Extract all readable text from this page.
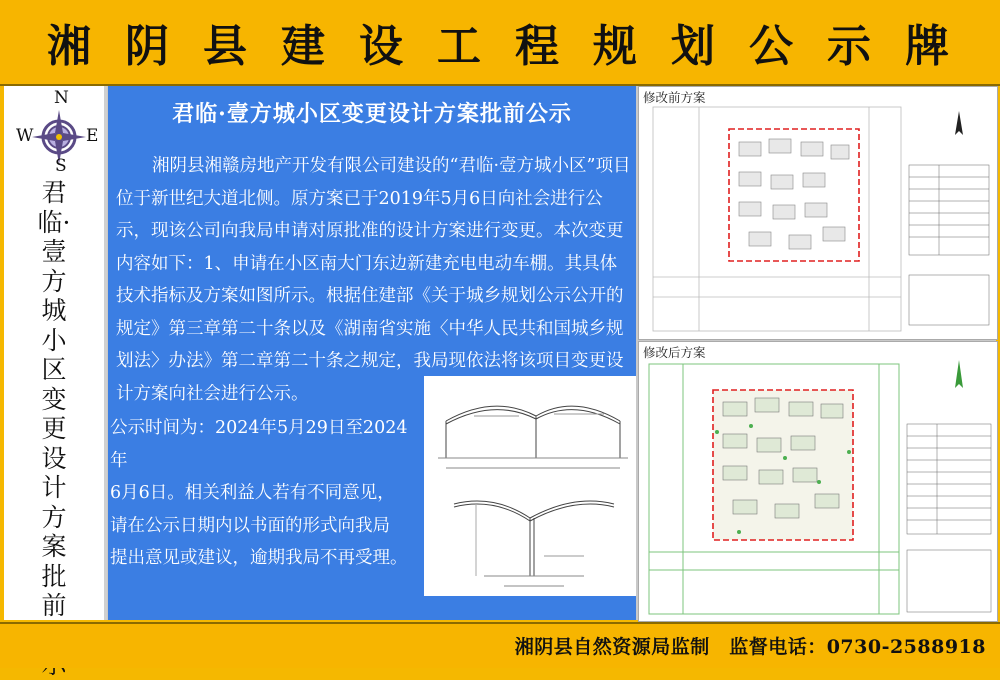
湘阴县建设工程规划公示牌
N
S
W	E
君临·壹方城小区变更设计方案批前
君临·壹方城小区变更设计方案批前公示

湘阴县湘赣房地产开发有限公司建设的“君临·壹方城小区”项目位于新世纪大道北侧。原方案已于2019年5月6日向社会进行公示，现该公司向我局申请对原批准的设计方案进行变更。本次变更内容如下：1、申请在小区南大门东边新建充电电动车棚。其具体技术指标及方案如图所示。根据住建部《关于城乡规划公示公开的规定》第三章第二十条以及《湖南省实施〈中华人民共和国城乡规划法〉办法》第二章第二十条之规定，我局现依法将该项目变更设计方案向社会进行公示。

公示时间为：2024年5月29日至2024年

6月6日。相关利益人若有不同意见，

请在公示日期内以书面的形式向我局

提出意见或建议，逾期我局不再受理。

修改前方案
修改后方案
湘阴县自然资源局监制　监督电话：0730-2588918
